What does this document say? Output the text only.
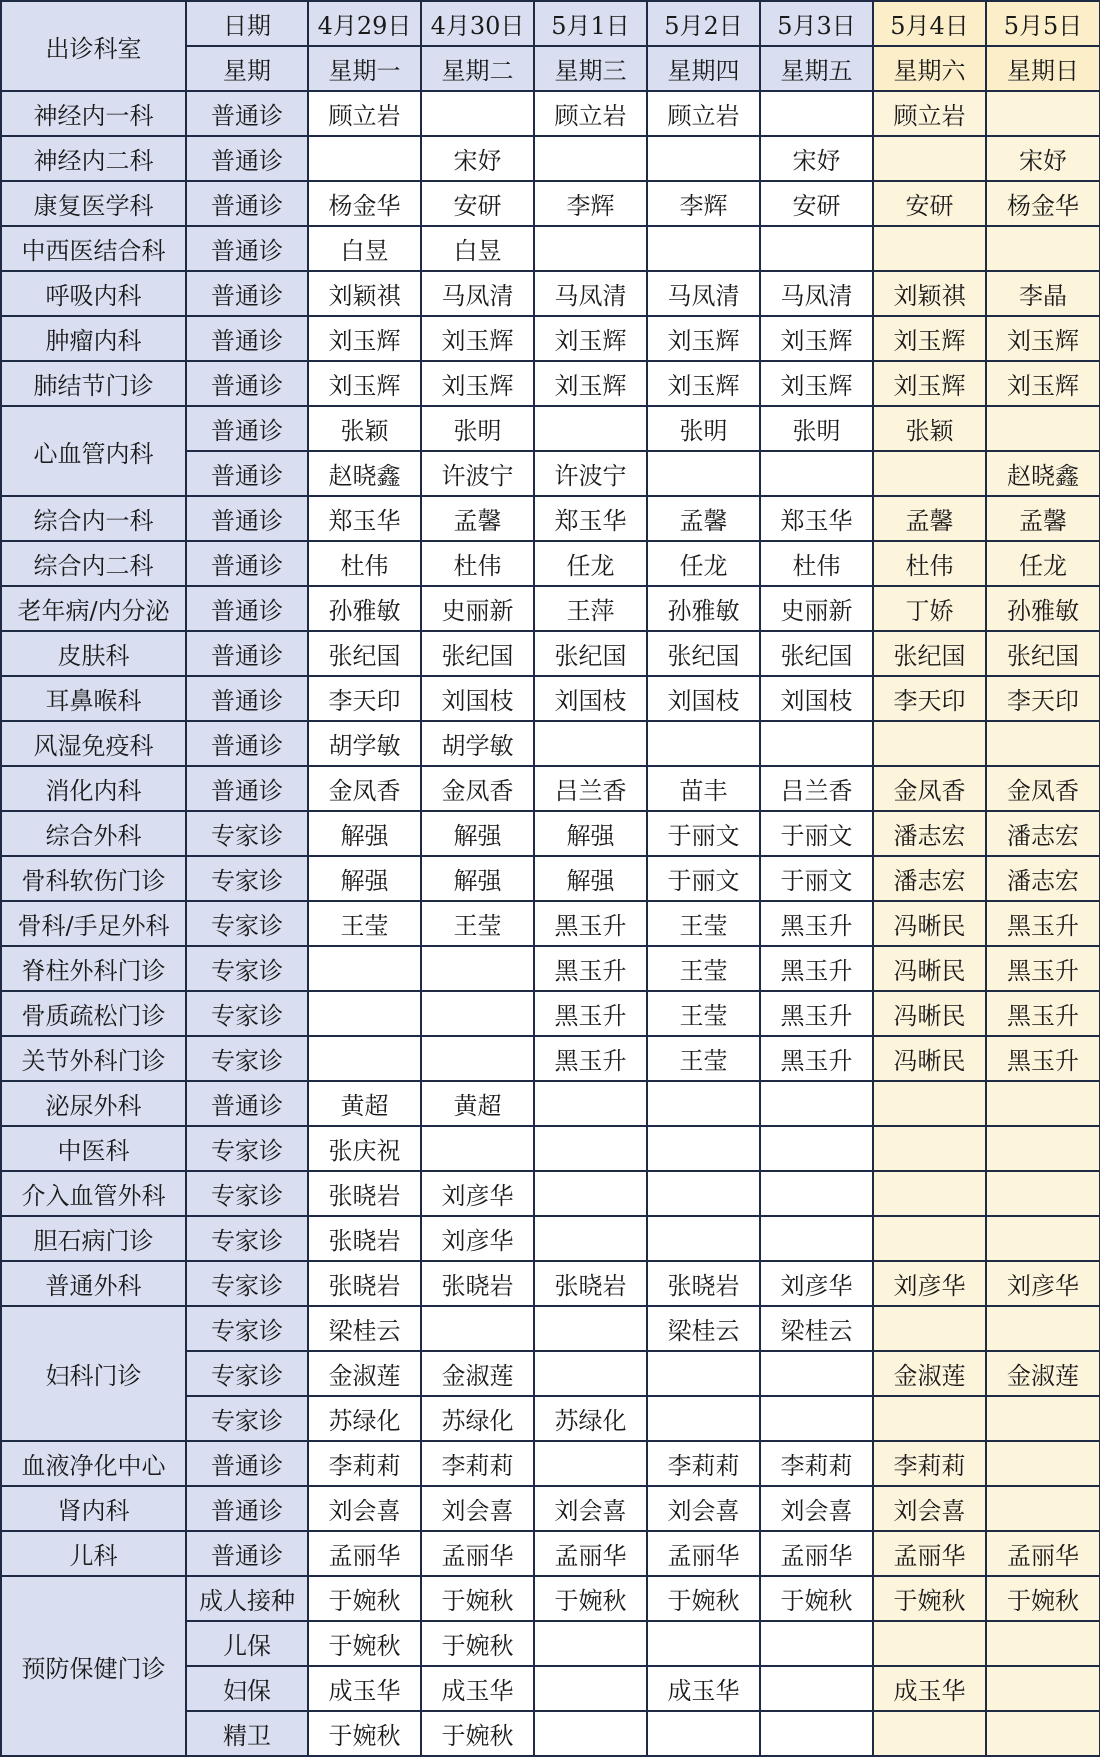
出诊科室	日期	4月29日	4月30日	5月1日	5月2日	5月3日	5月4日	5月5日
	星期	星期一	星期二	星期三	星期四	星期五	星期六	星期日
神经内一科	普通诊	顾立岩		顾立岩	顾立岩		顾立岩	
神经内二科	普通诊		宋妤			宋妤		宋妤
康复医学科	普通诊	杨金华	安研	李辉	李辉	安研	安研	杨金华
中西医结合科	普通诊	白昱	白昱					
呼吸内科	普通诊	刘颖祺	马凤清	马凤清	马凤清	马凤清	刘颖祺	李晶
肿瘤内科	普通诊	刘玉辉	刘玉辉	刘玉辉	刘玉辉	刘玉辉	刘玉辉	刘玉辉
肺结节门诊	普通诊	刘玉辉	刘玉辉	刘玉辉	刘玉辉	刘玉辉	刘玉辉	刘玉辉
心血管内科	普通诊	张颖	张明		张明	张明	张颖	
	普通诊	赵晓鑫	许波宁	许波宁				赵晓鑫
综合内一科	普通诊	郑玉华	孟馨	郑玉华	孟馨	郑玉华	孟馨	孟馨
综合内二科	普通诊	杜伟	杜伟	任龙	任龙	杜伟	杜伟	任龙
老年病/内分泌	普通诊	孙雅敏	史丽新	王萍	孙雅敏	史丽新	丁娇	孙雅敏
皮肤科	普通诊	张纪国	张纪国	张纪国	张纪国	张纪国	张纪国	张纪国
耳鼻喉科	普通诊	李天印	刘国枝	刘国枝	刘国枝	刘国枝	李天印	李天印
风湿免疫科	普通诊	胡学敏	胡学敏					
消化内科	普通诊	金凤香	金凤香	吕兰香	苗丰	吕兰香	金凤香	金凤香
综合外科	专家诊	解强	解强	解强	于丽文	于丽文	潘志宏	潘志宏
骨科软伤门诊	专家诊	解强	解强	解强	于丽文	于丽文	潘志宏	潘志宏
骨科/手足外科	专家诊	王莹	王莹	黑玉升	王莹	黑玉升	冯晰民	黑玉升
脊柱外科门诊	专家诊			黑玉升	王莹	黑玉升	冯晰民	黑玉升
骨质疏松门诊	专家诊			黑玉升	王莹	黑玉升	冯晰民	黑玉升
关节外科门诊	专家诊			黑玉升	王莹	黑玉升	冯晰民	黑玉升
泌尿外科	普通诊	黄超	黄超					
中医科	专家诊	张庆祝						
介入血管外科	专家诊	张晓岩	刘彦华					
胆石病门诊	专家诊	张晓岩	刘彦华					
普通外科	专家诊	张晓岩	张晓岩	张晓岩	张晓岩	刘彦华	刘彦华	刘彦华
妇科门诊	专家诊	梁桂云			梁桂云	梁桂云		
	专家诊	金淑莲	金淑莲				金淑莲	金淑莲
	专家诊	苏绿化	苏绿化	苏绿化				
血液净化中心	普通诊	李莉莉	李莉莉		李莉莉	李莉莉	李莉莉	
肾内科	普通诊	刘会喜	刘会喜	刘会喜	刘会喜	刘会喜	刘会喜	
儿科	普通诊	孟丽华	孟丽华	孟丽华	孟丽华	孟丽华	孟丽华	孟丽华
预防保健门诊	成人接种	于婉秋	于婉秋	于婉秋	于婉秋	于婉秋	于婉秋	于婉秋
	儿保	于婉秋	于婉秋					
	妇保	成玉华	成玉华		成玉华		成玉华	
	精卫	于婉秋	于婉秋					
